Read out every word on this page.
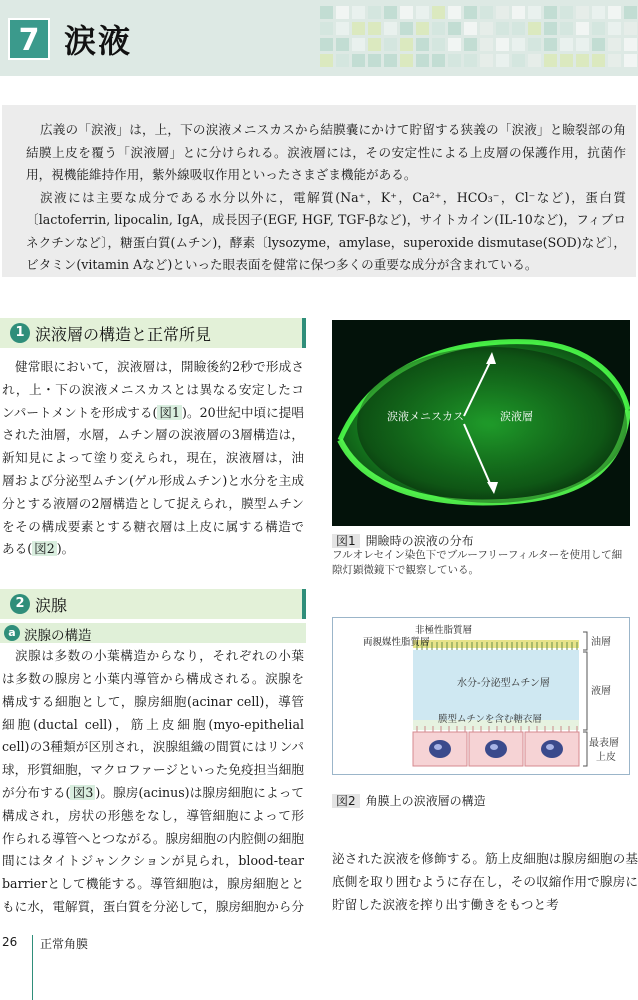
7 涙液

広義の「涙液」は，上，下の涙液メニスカスから結膜嚢にかけて貯留する狭義の「涙液」と瞼裂部の角結膜上皮を覆う「涙液層」とに分けられる。涙液層には，その安定性による上皮層の保護作用，抗菌作用，視機能維持作用，紫外線吸収作用といったさまざま機能がある。

涙液には主要な成分である水分以外に，電解質(Na⁺，K⁺，Ca²⁺，HCO₃⁻，Cl⁻など)，蛋白質〔lactoferrin, lipocalin, IgA，成長因子(EGF, HGF, TGF-βなど)，サイトカイン(IL-10など)，フィブロネクチンなど〕，糖蛋白質(ムチン)，酵素〔lysozyme，amylase，superoxide dismutase(SOD)など〕，ビタミン(vitamin Aなど)といった眼表面を健常に保つ多くの重要な成分が含まれている。

1 涙液層の構造と正常所見

健常眼において，涙液層は，開瞼後約2秒で形成され，上・下の涙液メニスカスとは異なる安定したコンパートメントを形成する( 図1 )。20世紀中頃に提唱された油層，水層，ムチン層の涙液層の3層構造は，新知見によって塗り変えられ，現在，涙液層は，油層および分泌型ムチン(ゲル形成ムチン)と水分を主成分とする液層の2層構造として捉えられ，膜型ムチンをその構成要素とする糖衣層は上皮に属する構造である( 図2 )。

2 涙腺
a 涙腺の構造

涙腺は多数の小葉構造からなり，それぞれの小葉は多数の腺房と小葉内導管から構成される。涙腺を構成する細胞として，腺房細胞(acinar cell)，導管細胞(ductal cell)，筋上皮細胞(myo-epithelial cell)の3種類が区別され，涙腺組織の間質にはリンパ球，形質細胞，マクロファージといった免疫担当細胞が分布する( 図3 )。腺房(acinus)は腺房細胞によって構成され，房状の形態をなし，導管細胞によって形作られる導管へとつながる。腺房細胞の内腔側の細胞間にはタイトジャンクションが見られ，blood-tear barrierとして機能する。導管細胞は，腺房細胞とともに水，電解質，蛋白質を分泌して，腺房細胞から分

涙液メニスカス	涙液層
図1 開瞼時の涙液の分布
フルオレセイン染色下でブルーフリーフィルターを使用して細隙灯顕微鏡下で観察している。
非極性脂質層
両親媒性脂質層
水分-分泌型ムチン層
膜型ムチンを含む糖衣層
油層
液層
最表層
上皮
図2 角膜上の涙液層の構造
泌された涙液を修飾する。筋上皮細胞は腺房細胞の基底側を取り囲むように存在し，その収縮作用で腺房に貯留した涙液を搾り出す働きをもつと考
26 正常角膜
